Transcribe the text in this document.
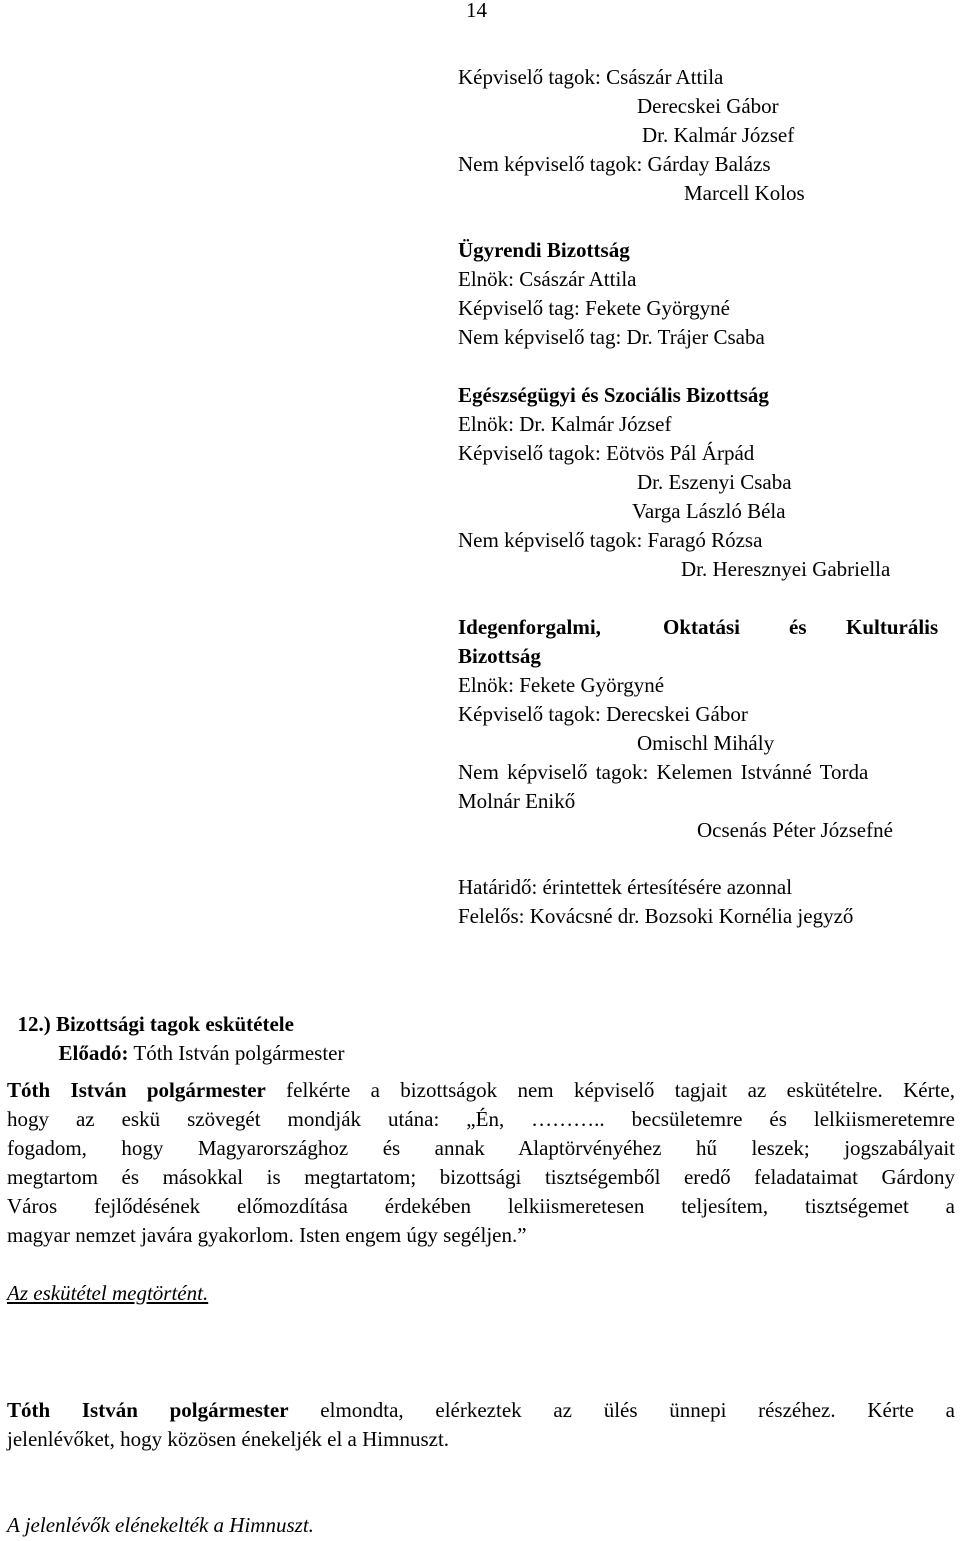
14
Képviselő tagok: Császár Attila
Derecskei Gábor
Dr. Kalmár József
Nem képviselő tagok: Gárday Balázs
Marcell Kolos
Ügyrendi Bizottság
Elnök: Császár Attila
Képviselő tag: Fekete Györgyné
Nem képviselő tag: Dr. Trájer Csaba
Egészségügyi és Szociális Bizottság
Elnök: Dr. Kalmár József
Képviselő tagok: Eötvös Pál Árpád
Dr. Eszenyi Csaba
Varga László Béla
Nem képviselő tagok: Faragó Rózsa
Dr. Heresznyei Gabriella
Idegenforgalmi,	Oktatási és Kulturális
Bizottság
Elnök: Fekete Györgyné
Képviselő tagok: Derecskei Gábor
Omischl Mihály
Nem képviselő tagok: Kelemen Istvánné Torda
Molnár Enikő
Ocsenás Péter Józsefné
Határidő: érintettek értesítésére azonnal
Felelős: Kovácsné dr. Bozsoki Kornélia jegyző

12.) Bizottsági tagok eskütétele

Előadó: Tóth István polgármester

Tóth István polgármester felkérte a bizottságok nem képviselő tagjait az eskütételre. Kérte,
hogy az eskü szövegét mondják utána: „Én, ……….. becsületemre és lelkiismeretemre
fogadom, hogy Magyarországhoz és annak Alaptörvényéhez hű leszek; jogszabályait
megtartom és másokkal is megtartatom; bizottsági tisztségemből eredő feladataimat Gárdony
Város fejlődésének előmozdítása érdekében lelkiismeretesen teljesítem, tisztségemet a
magyar nemzet javára gyakorlom. Isten engem úgy segéljen.”
Az eskütétel megtörtént.
Tóth István polgármester elmondta, elérkeztek az ülés ünnepi részéhez. Kérte a
jelenlévőket, hogy közösen énekeljék el a Himnuszt.
A jelenlévők elénekelték a Himnuszt.
